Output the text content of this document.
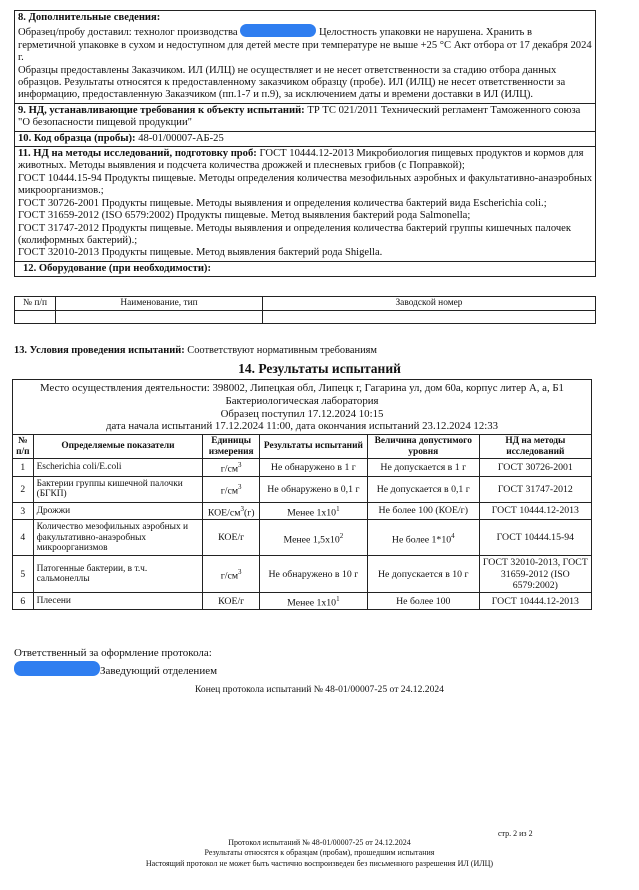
8. Дополнительные сведения:
Образец/пробу доставил: технолог производства	Целостность упаковки не нарушена. Хранить в герметичной упаковке в сухом и недоступном для детей месте при температуре не выше +25 °С Акт отбора от 17 декабря 2024 г.
Образцы предоставлены Заказчиком. ИЛ (ИЛЦ) не осуществляет и не несет ответственности за стадию отбора данных образцов. Результаты относятся к предоставленному заказчиком образцу (пробе). ИЛ (ИЛЦ) не несет ответственности за информацию, предоставленную Заказчиком (пп.1-7 и п.9), за исключением даты и времени доставки в ИЛ (ИЛЦ).
9. НД, устанавливающие требования к объекту испытаний: ТР ТС 021/2011 Технический регламент Таможенного союза "О безопасности пищевой продукции"
10. Код образца (пробы): 48-01/00007-АБ-25
11. НД на методы исследований, подготовку проб: ГОСТ 10444.12-2013 Микробиология пищевых продуктов и кормов для животных. Методы выявления и подсчета количества дрожжей и плесневых грибов (с Поправкой);
ГОСТ 10444.15-94 Продукты пищевые. Методы определения количества мезофильных аэробных и факультативно-анаэробных микроорганизмов.;
ГОСТ 30726-2001 Продукты пищевые. Методы выявления и определения количества бактерий вида Escherichia coli.;
ГОСТ 31659-2012 (ISO 6579:2002) Продукты пищевые. Метод выявления бактерий рода Salmonella;
ГОСТ 31747-2012 Продукты пищевые. Методы выявления и определения количества бактерий группы кишечных палочек (колиформных бактерий).;
ГОСТ 32010-2013 Продукты пищевые. Метод выявления бактерий рода Shigella.
12. Оборудование (при необходимости):
№ п/п	Наименование, тип	Заводской номер

13. Условия проведения испытаний: Соответствуют нормативным требованиям
14. Результаты испытаний
Место осуществления деятельности: 398002, Липецкая обл, Липецк г, Гагарина ул, дом 60а, корпус литер А, а, Б1
Бактериологическая лаборатория
Образец поступил 17.12.2024 10:15
дата начала испытаний 17.12.2024 11:00, дата окончания испытаний 23.12.2024 12:33					
№ п/п	Определяемые показатели	Единицы измерения	Результаты испытаний	Величина допустимого уровня	НД на методы исследований
1	Escherichia coli/E.coli	$г/см^3$	Не обнаружено в 1 г	Не допускается в 1 г	ГОСТ 30726-2001
2	Бактерии группы кишечной палочки (БГКП)	$г/см^3$	Не обнаружено в 0,1 г	Не допускается в 0,1 г	ГОСТ 31747-2012
3	Дрожжи	КОЕ/$см^3(г)$	Менее $1х10^1$	Не более 100 (КОЕ/г)	ГОСТ 10444.12-2013
4	Количество мезофильных аэробных и факультативно-анаэробных микроорганизмов	КОЕ/г	Менее $1,5х10^2$	Не более $1*10^4$	ГОСТ 10444.15-94
5	Патогенные бактерии, в т.ч. сальмонеллы	$г/см^3$	Не обнаружено в 10 г	Не допускается в 10 г	ГОСТ 32010-2013, ГОСТ 31659-2012 (ISO 6579:2002)
6	Плесени	КОЕ/г	Менее $1х10^1$	Не более 100	ГОСТ 10444.12-2013
Ответственный за оформление протокола:
Заведующий отделением
Конец протокола испытаний № 48-01/00007-25 от 24.12.2024
стр. 2 из 2
Протокол испытаний № 48-01/00007-25 от 24.12.2024
Результаты относятся к образцам (пробам), прошедшим испытания
Настоящий протокол не может быть частично воспроизведен без письменного разрешения ИЛ (ИЛЦ)
